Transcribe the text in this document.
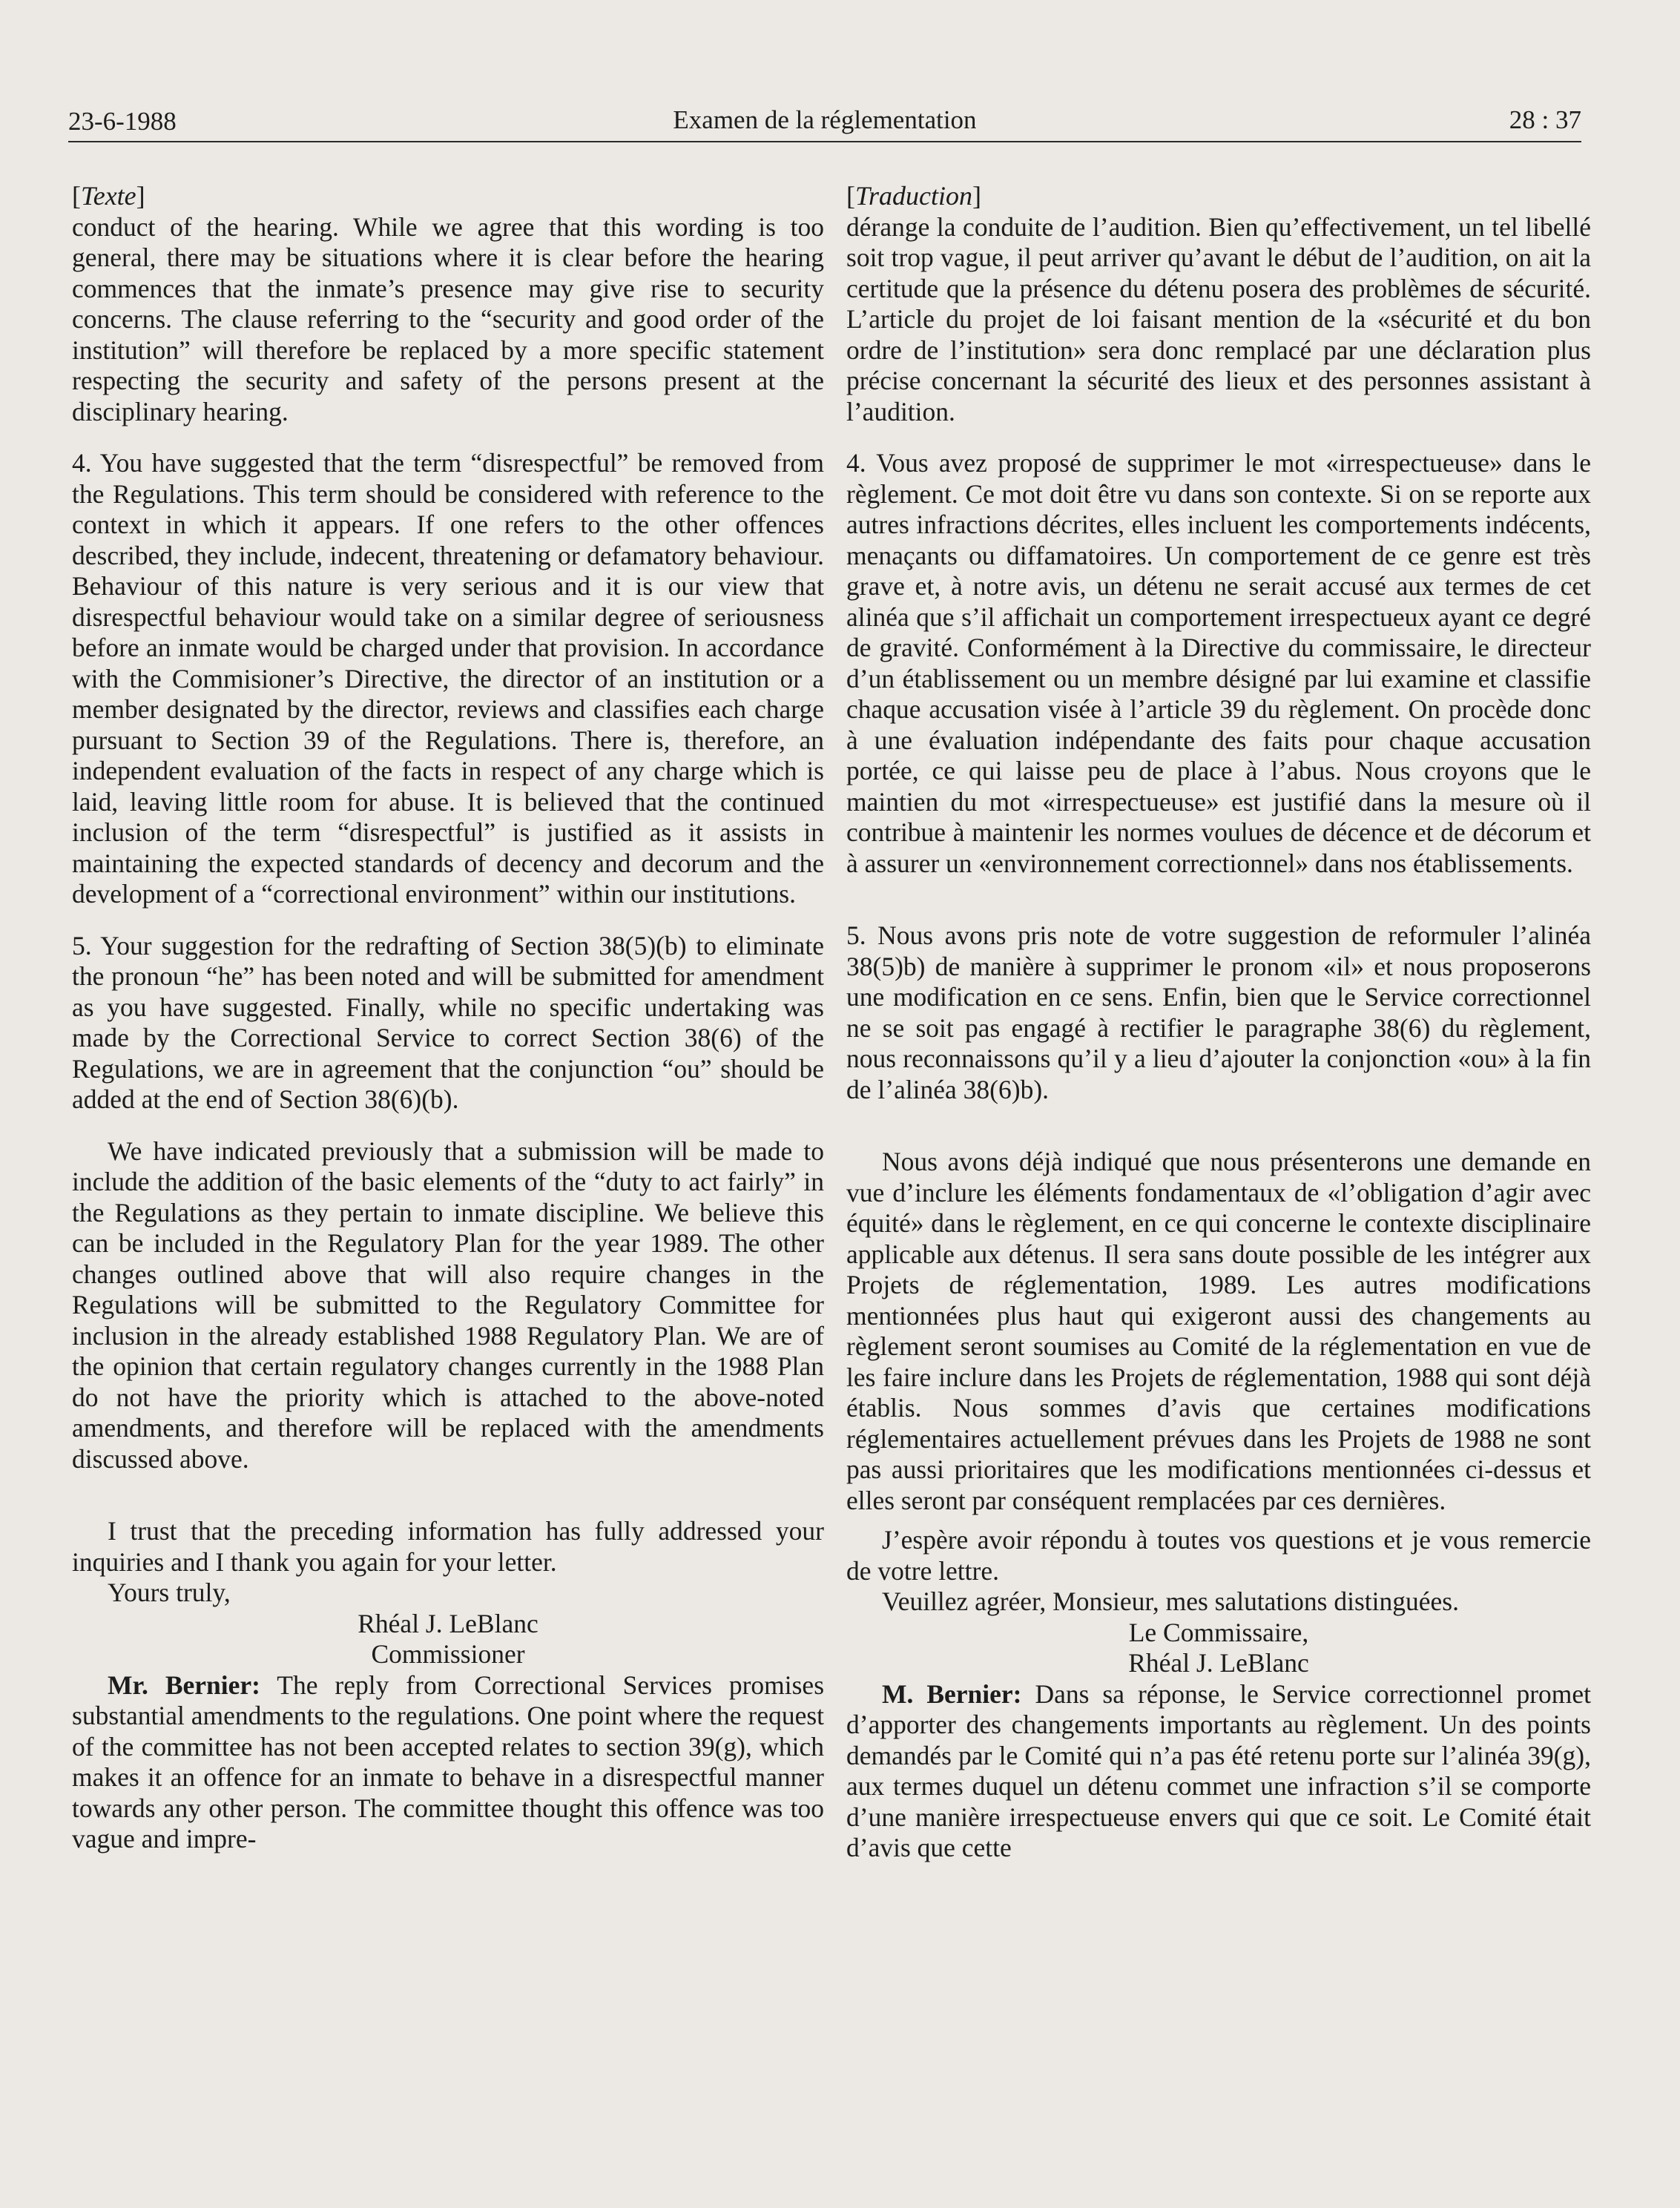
23-6-1988	Examen de la réglementation	28 : 37
[Texte]

conduct of the hearing. While we agree that this wording is too general, there may be situations where it is clear before the hearing commences that the inmate’s presence may give rise to security concerns. The clause referring to the “security and good order of the institution” will therefore be replaced by a more specific statement respecting the security and safety of the persons present at the disciplinary hearing.

4. You have suggested that the term “disrespectful” be removed from the Regulations. This term should be considered with reference to the context in which it appears. If one refers to the other offences described, they include, indecent, threatening or defamatory behaviour. Behaviour of this nature is very serious and it is our view that disrespectful behaviour would take on a similar degree of seriousness before an inmate would be charged under that provision. In accordance with the Commisioner’s Directive, the director of an institution or a member designated by the director, reviews and classifies each charge pursuant to Section 39 of the Regulations. There is, therefore, an independent evaluation of the facts in respect of any charge which is laid, leaving little room for abuse. It is believed that the continued inclusion of the term “disrespectful” is justified as it assists in maintaining the expected standards of decency and decorum and the development of a “correctional environment” within our institutions.

5. Your suggestion for the redrafting of Section 38(5)(b) to eliminate the pronoun “he” has been noted and will be submitted for amendment as you have suggested. Finally, while no specific undertaking was made by the Correctional Service to correct Section 38(6) of the Regulations, we are in agreement that the conjunction “ou” should be added at the end of Section 38(6)(b).

We have indicated previously that a submission will be made to include the addition of the basic elements of the “duty to act fairly” in the Regulations as they pertain to inmate discipline. We believe this can be included in the Regulatory Plan for the year 1989. The other changes outlined above that will also require changes in the Regulations will be submitted to the Regulatory Committee for inclusion in the already established 1988 Regulatory Plan. We are of the opinion that certain regulatory changes currently in the 1988 Plan do not have the priority which is attached to the above-noted amendments, and therefore will be replaced with the amendments discussed above.

I trust that the preceding information has fully addressed your inquiries and I thank you again for your letter.

Yours truly,

Rhéal J. LeBlanc

Commissioner

Mr. Bernier: The reply from Correctional Services promises substantial amendments to the regulations. One point where the request of the committee has not been accepted relates to section 39(g), which makes it an offence for an inmate to behave in a disrespectful manner towards any other person. The committee thought this offence was too vague and impre-

[Traduction]

dérange la conduite de l’audition. Bien qu’effectivement, un tel libellé soit trop vague, il peut arriver qu’avant le début de l’audition, on ait la certitude que la présence du détenu posera des problèmes de sécurité. L’article du projet de loi faisant mention de la «sécurité et du bon ordre de l’institution» sera donc remplacé par une déclaration plus précise concernant la sécurité des lieux et des personnes assistant à l’audition.

4. Vous avez proposé de supprimer le mot «irrespectueuse» dans le règlement. Ce mot doit être vu dans son contexte. Si on se reporte aux autres infractions décrites, elles incluent les comportements indécents, menaçants ou diffamatoires. Un comportement de ce genre est très grave et, à notre avis, un détenu ne serait accusé aux termes de cet alinéa que s’il affichait un comportement irrespectueux ayant ce degré de gravité. Conformément à la Directive du commissaire, le directeur d’un établissement ou un membre désigné par lui examine et classifie chaque accusation visée à l’article 39 du règlement. On procède donc à une évaluation indépendante des faits pour chaque accusation portée, ce qui laisse peu de place à l’abus. Nous croyons que le maintien du mot «irrespectueuse» est justifié dans la mesure où il contribue à maintenir les normes voulues de décence et de décorum et à assurer un «environnement correctionnel» dans nos établissements.

5. Nous avons pris note de votre suggestion de reformuler l’alinéa 38(5)b) de manière à supprimer le pronom «il» et nous proposerons une modification en ce sens. Enfin, bien que le Service correctionnel ne se soit pas engagé à rectifier le paragraphe 38(6) du règlement, nous reconnaissons qu’il y a lieu d’ajouter la conjonction «ou» à la fin de l’alinéa 38(6)b).

Nous avons déjà indiqué que nous présenterons une demande en vue d’inclure les éléments fondamentaux de «l’obligation d’agir avec équité» dans le règlement, en ce qui concerne le contexte disciplinaire applicable aux détenus. Il sera sans doute possible de les intégrer aux Projets de réglementation, 1989. Les autres modifications mentionnées plus haut qui exigeront aussi des changements au règlement seront soumises au Comité de la réglementation en vue de les faire inclure dans les Projets de réglementation, 1988 qui sont déjà établis. Nous sommes d’avis que certaines modifications réglementaires actuellement prévues dans les Projets de 1988 ne sont pas aussi prioritaires que les modifications mentionnées ci-dessus et elles seront par conséquent remplacées par ces dernières.

J’espère avoir répondu à toutes vos questions et je vous remercie de votre lettre.

Veuillez agréer, Monsieur, mes salutations distinguées.

Le Commissaire,

Rhéal J. LeBlanc

M. Bernier: Dans sa réponse, le Service correctionnel promet d’apporter des changements importants au règlement. Un des points demandés par le Comité qui n’a pas été retenu porte sur l’alinéa 39(g), aux termes duquel un détenu commet une infraction s’il se comporte d’une manière irrespectueuse envers qui que ce soit. Le Comité était d’avis que cette
